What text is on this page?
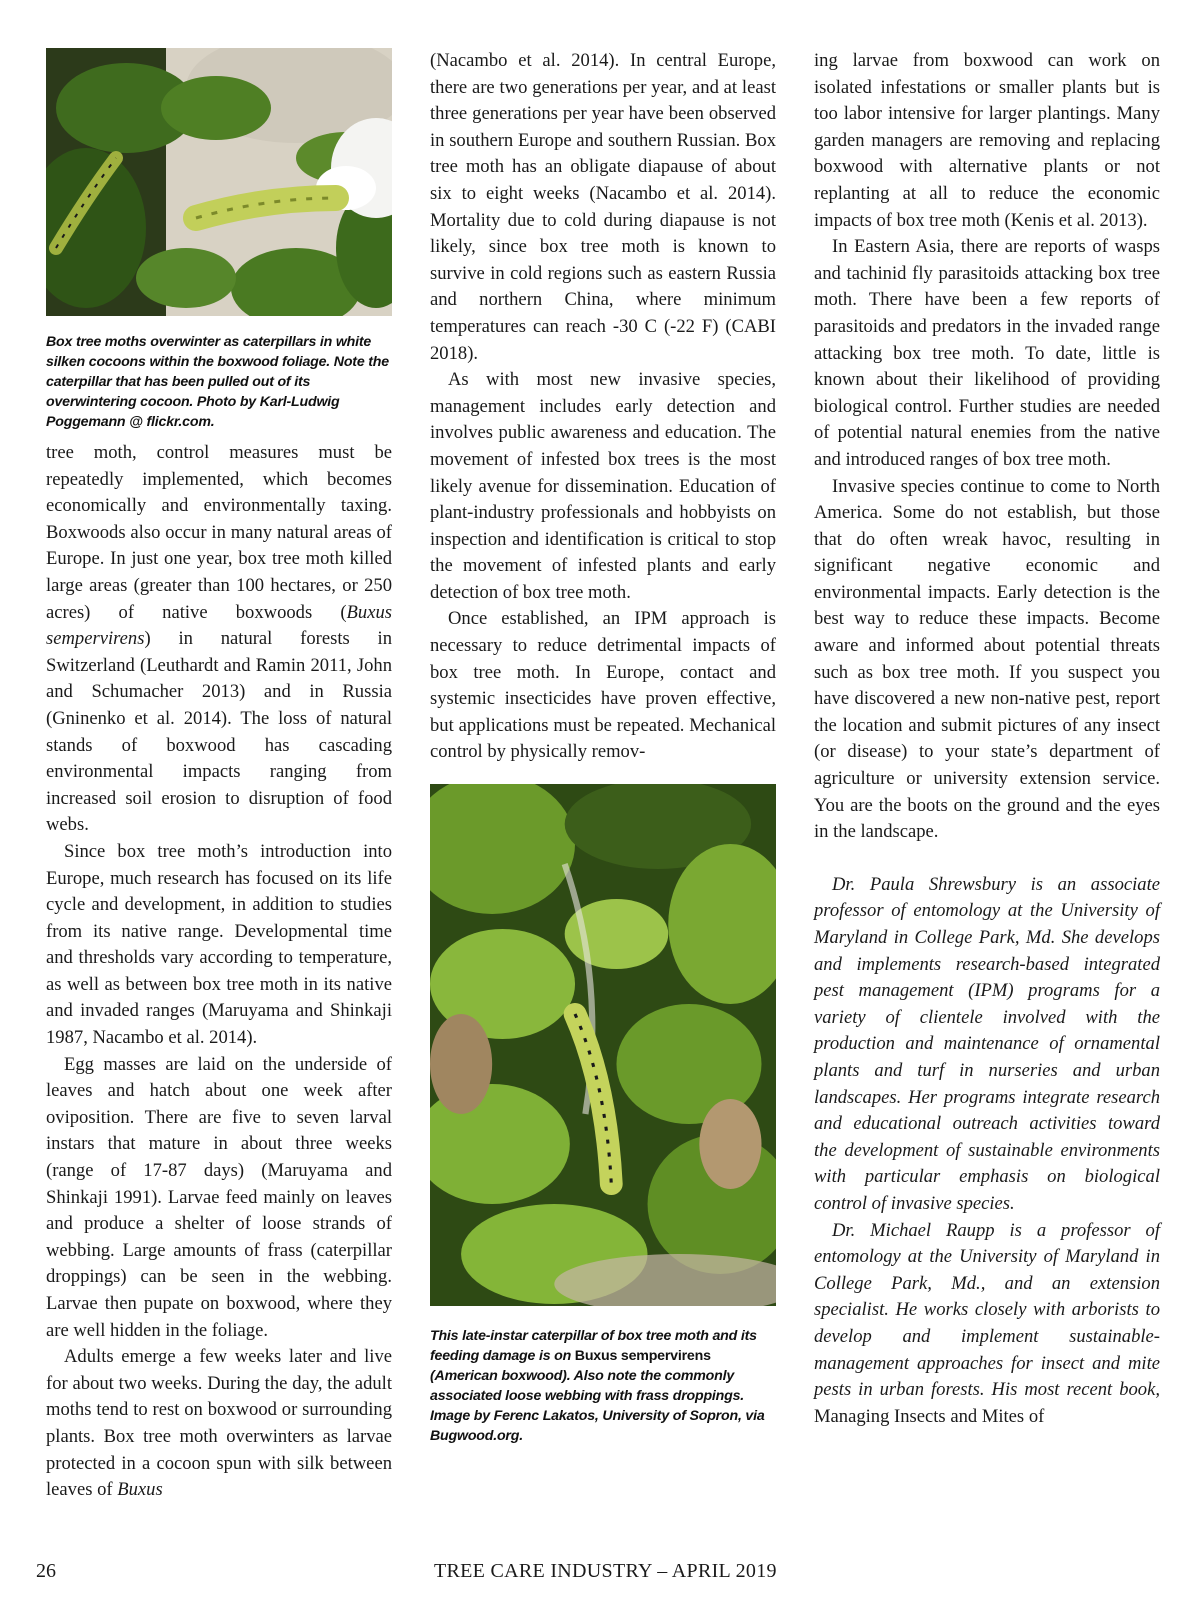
Box tree moths overwinter as caterpillars in white silken cocoons within the boxwood foliage. Note the caterpillar that has been pulled out of its overwintering cocoon. Photo by Karl-Ludwig Poggemann @ flickr.com.

tree moth, control measures must be repeatedly implemented, which becomes economically and environmentally taxing. Boxwoods also occur in many natural areas of Europe. In just one year, box tree moth killed large areas (greater than 100 hectares, or 250 acres) of native boxwoods (Buxus sempervirens) in natural forests in Switzerland (Leuthardt and Ramin 2011, John and Schumacher 2013) and in Russia (Gninenko et al. 2014). The loss of natural stands of boxwood has cascading environmental impacts ranging from increased soil erosion to disruption of food webs.

Since box tree moth’s introduction into Europe, much research has focused on its life cycle and development, in addition to studies from its native range. Developmental time and thresholds vary according to temperature, as well as between box tree moth in its native and invaded ranges (Maruyama and Shinkaji 1987, Nacambo et al. 2014).

Egg masses are laid on the underside of leaves and hatch about one week after oviposition. There are five to seven larval instars that mature in about three weeks (range of 17-87 days) (Maruyama and Shinkaji 1991). Larvae feed mainly on leaves and produce a shelter of loose strands of webbing. Large amounts of frass (caterpillar droppings) can be seen in the webbing. Larvae then pupate on boxwood, where they are well hidden in the foliage.

Adults emerge a few weeks later and live for about two weeks. During the day, the adult moths tend to rest on boxwood or surrounding plants. Box tree moth overwinters as larvae protected in a cocoon spun with silk between leaves of Buxus

(Nacambo et al. 2014). In central Europe, there are two generations per year, and at least three generations per year have been observed in southern Europe and southern Russian. Box tree moth has an obligate diapause of about six to eight weeks (Nacambo et al. 2014). Mortality due to cold during diapause is not likely, since box tree moth is known to survive in cold regions such as eastern Russia and northern China, where minimum temperatures can reach -30 C (-22 F) (CABI 2018).

As with most new invasive species, management includes early detection and involves public awareness and education. The movement of infested box trees is the most likely avenue for dissemination. Education of plant-industry professionals and hobbyists on inspection and identification is critical to stop the movement of infested plants and early detection of box tree moth.

Once established, an IPM approach is necessary to reduce detrimental impacts of box tree moth. In Europe, contact and systemic insecticides have proven effective, but applications must be repeated. Mechanical control by physically remov-

This late-instar caterpillar of box tree moth and its feeding damage is on Buxus sempervirens (American boxwood). Also note the commonly associated loose webbing with frass droppings. Image by Ferenc Lakatos, University of Sopron, via Bugwood.org.

ing larvae from boxwood can work on isolated infestations or smaller plants but is too labor intensive for larger plantings. Many garden managers are removing and replacing boxwood with alternative plants or not replanting at all to reduce the economic impacts of box tree moth (Kenis et al. 2013).

In Eastern Asia, there are reports of wasps and tachinid fly parasitoids attacking box tree moth. There have been a few reports of parasitoids and predators in the invaded range attacking box tree moth. To date, little is known about their likelihood of providing biological control. Further studies are needed of potential natural enemies from the native and introduced ranges of box tree moth.

Invasive species continue to come to North America. Some do not establish, but those that do often wreak havoc, resulting in significant negative economic and environmental impacts. Early detection is the best way to reduce these impacts. Become aware and informed about potential threats such as box tree moth. If you suspect you have discovered a new non-native pest, report the location and submit pictures of any insect (or disease) to your state’s department of agriculture or university extension service. You are the boots on the ground and the eyes in the landscape.

Dr. Paula Shrewsbury is an associate professor of entomology at the University of Maryland in College Park, Md. She develops and implements research-based integrated pest management (IPM) programs for a variety of clientele involved with the production and maintenance of ornamental plants and turf in nurseries and urban landscapes. Her programs integrate research and educational outreach activities toward the development of sustainable environments with particular emphasis on biological control of invasive species.

Dr. Michael Raupp is a professor of entomology at the University of Maryland in College Park, Md., and an extension specialist. He works closely with arborists to develop and implement sustainable-management approaches for insect and mite pests in urban forests. His most recent book, Managing Insects and Mites of

26	TREE CARE INDUSTRY – APRIL 2019
